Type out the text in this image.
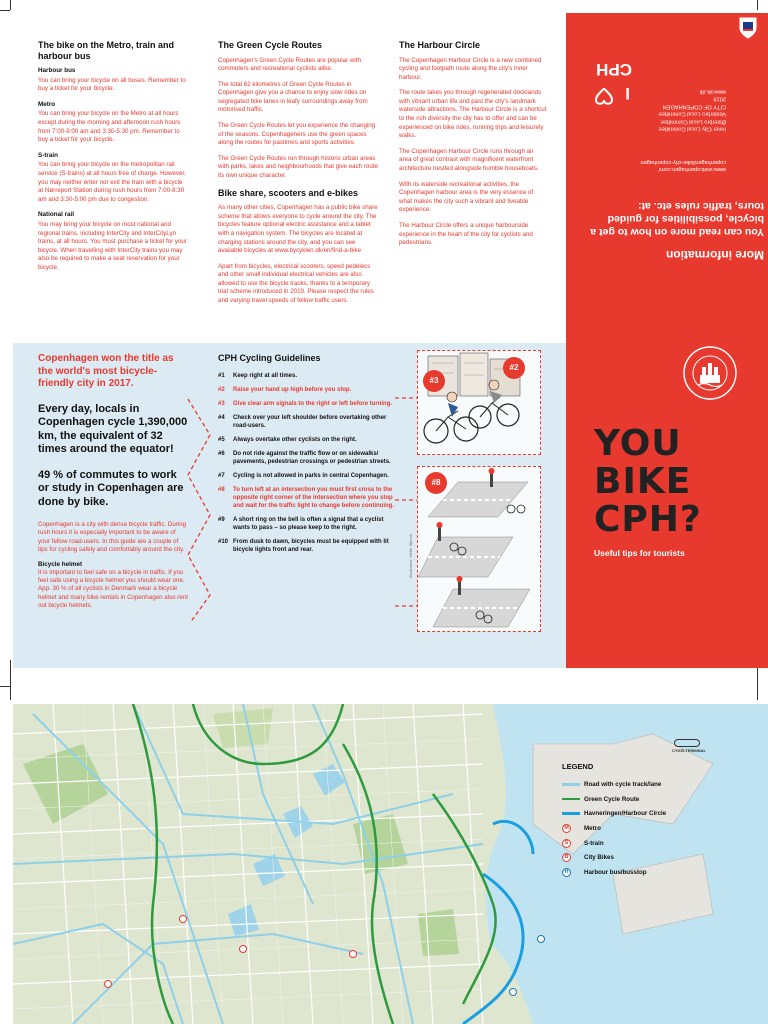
The bike on the Metro, train and harbour bus
Harbour bus

You can bring your bicycle on all buses. Remember to buy a ticket for your bicycle.

Metro

You can bring your bicycle on the Metro at all hours except during the morning and afternoon rush hours from 7:00-9:00 am and 3:30-5:30 pm. Remember to buy a ticket for your bicycle.

S-train

You can bring your bicycle on the metropolitan rail service (S-trains) at all hours free of charge. However, you may neither enter nor exit the train with a bicycle at Nørreport Station during rush hours from 7:00-8:30 am and 3:30-5:00 pm due to congestion.

National rail

You may bring your bicycle on most national and regional trains, including InterCity and InterCityLyn trains, at all hours. You must purchase a ticket for your bicycle. When travelling with InterCity trains you may also be required to make a seat reservation for your bicycle.

The Green Cycle Routes

Copenhagen's Green Cycle Routes are popular with commuters and recreational cyclists alike.

The total 62 kilometres of Green Cycle Routes in Copenhagen give you a chance to enjoy slow rides on segregated bike lanes in leafy surroundings away from motorised traffic.

The Green Cycle Routes let you experience the changing of the seasons. Copenhageners use the green spaces along the routes for pastimes and sports activities.

The Green Cycle Routes run through historic urban areas with parks, lakes and neighbourhoods that give each route its own unique character.

Bike share, scooters and e-bikes

As many other cities, Copenhagen has a public bike share scheme that allows everyone to cycle around the city. The bicycles feature optional electric assistance and a tablet with a navigation system. The bicycles are located at charging stations around the city, and you can see available bicycles at www.bycyklen.dk/en/find-a-bike

Apart from bicycles, electrical scooters, speed pedelecs and other small individual electrical vehicles are also allowed to use the bicycle tracks, thanks to a temporary trial scheme introduced in 2019. Please respect the rules and varying travel speeds of fellow traffic users.

The Harbour Circle

The Copenhagen Harbour Circle is a new combined cycling and footpath route along the city's inner harbour.

The route takes you through regenerated docklands with vibrant urban life and past the city's landmark waterside attractions. The Harbour Circle is a shortcut to the rich diversity the city has to offer and can be experienced on bike rides, running trips and leisurely walks.

The Copenhagen Harbour Circle runs through an area of great contrast with magnificent waterfront architecture nestled alongside humble houseboats.

With its waterside recreational activities, the Copenhagen harbour area is the very essence of what makes the city such a vibrant and liveable experience.

The Harbour Circle offers a unique harbourside experience in the heart of the city for cyclists and pedestrians.

More information
You can read more on how to get a bicycle, possibilities for guided tours, traffic rules etc. at:
www.visitcopenhagen.com/
copenhagen/bike-city-copenhagen
Inner City Local Committee
Østerbro Local Committee
Vesterbro Local Committee
CITY OF COPENHAGEN
2019
www.kk.dk
I
CPH
YOU
BIKE
CPH?
Useful tips for tourists
Copenhagen won the title as the world's most bicycle-friendly city in 2017.
Every day, locals in Copenhagen cycle 1,390,000 km, the equivalent of 32 times around the equator!
49 % of commutes to work or study in Copenhagen are done by bike.
Copenhagen is a city with dense bicycle traffic. During rush hours it is especially important to be aware of your fellow road-users. In this guide are a couple of tips for cycling safely and comfortably around the city.
Bicycle helmet
It is important to feel safe on a bicycle in traffic. If you feel safe using a bicycle helmet you should wear one. App. 30 % of all cyclists in Denmark wear a bicycle helmet and many bike rentals in Copenhagen also rent out bicycle helmets.
CPH Cycling Guidelines
#1	Keep right at all times.
#2	Raise your hand up high before you stop.
#3	Give clear arm signals to the right or left before turning.
#4	Check over your left shoulder before overtaking other road-users.
#5	Always overtake other cyclists on the right.
#6	Do not ride against the traffic flow or on sidewalks/ pavements, pedestrian crossings or pedestrian streets.
#7	Cycling is not allowed in parks in central Copenhagen.
#8	To turn left at an intersection you must first cross to the opposite right corner of the intersection where you stop and wait for the traffic light to change before continuing.
#9	A short ring on the bell is often a signal that a cyclist wants to pass – so please keep to the right.
#10 From dusk to dawn, bicycles must be equipped with lit bicycle lights front and rear.
#3
#2
#8
Illustration: Mette Stjerne
CYKELTERMINAL
LEGEND
Road with cycle track/lane
Green Cycle Route
Havneringen/Harbour Circle
M	Metro
S	S-train
B	City Bikes
H	Harbour bus/busstop
